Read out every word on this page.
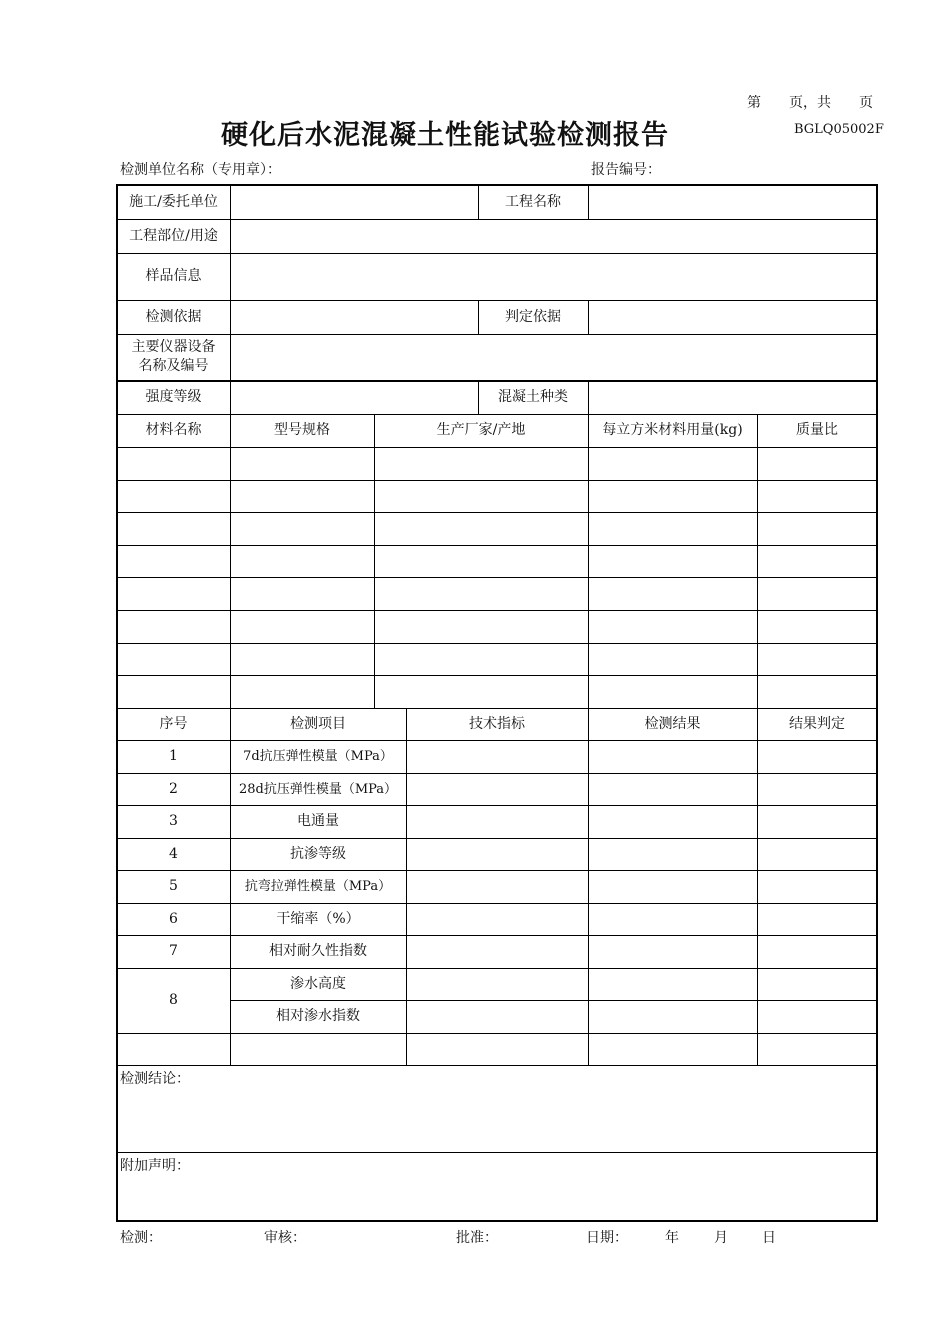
第　　页，共　　页
硬化后水泥混凝土性能试验检测报告	BGLQ05002F
检测单位名称（专用章）：	报告编号：
施工/委托单位	工程名称
工程部位/用途
样品信息
检测依据	判定依据
主要仪器设备
名称及编号
强度等级	混凝土种类
材料名称	型号规格	生产厂家/产地	每立方米材料用量(kg)	质量比
序号	检测项目	技术指标	检测结果	结果判定
1	7d抗压弹性模量（MPa）
2	28d抗压弹性模量（MPa）
3	电通量
4	抗渗等级
5	抗弯拉弹性模量（MPa）
6	干缩率（%）
7	相对耐久性指数
8
渗水高度
相对渗水指数
检测结论：
附加声明：
检测：	审核：	批准：	日期：	年	月 日
